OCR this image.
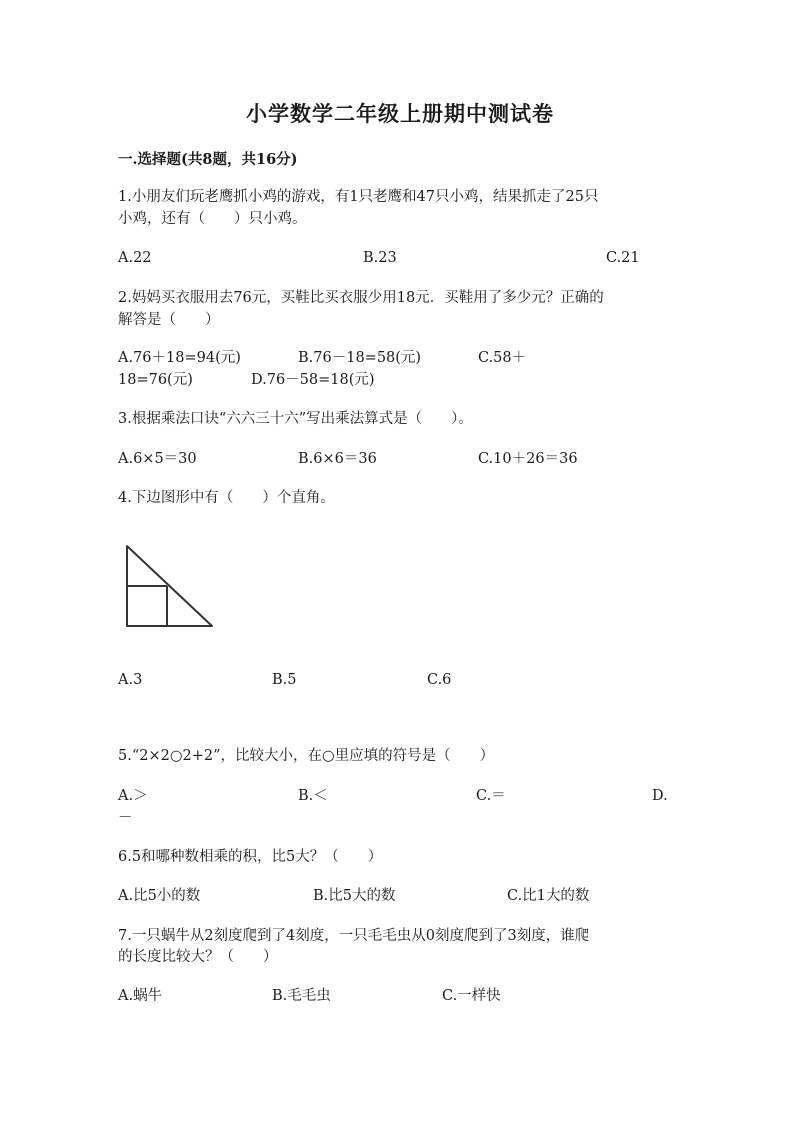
小学数学二年级上册期中测试卷
一.选择题(共8题，共16分)
1.小朋友们玩老鹰抓小鸡的游戏，有1只老鹰和47只小鸡，结果抓走了25只
小鸡，还有（　　）只小鸡。
A.22	B.23	C.21
2.妈妈买衣服用去76元，买鞋比买衣服少用18元．买鞋用了多少元？正确的
解答是（　　）
A.76＋18=94(元)	B.76－18=58(元)	C.58＋
18=76(元)	D.76－58=18(元)
3.根据乘法口诀“六六三十六”写出乘法算式是（　　）。
A.6×5＝30	B.6×6＝36	C.10＋26＝36
4.下边图形中有（　　）个直角。
A.3	B.5	C.6
5.“2×2○2+2”，比较大小，在○里应填的符号是（　　）
A.＞	B.＜	C.＝	D.
－
6.5和哪种数相乘的积，比5大？（　　）
A.比5小的数	B.比5大的数	C.比1大的数
7.一只蜗牛从2刻度爬到了4刻度，一只毛毛虫从0刻度爬到了3刻度，谁爬
的长度比较大？（　　）
A.蜗牛	B.毛毛虫	C.一样快
